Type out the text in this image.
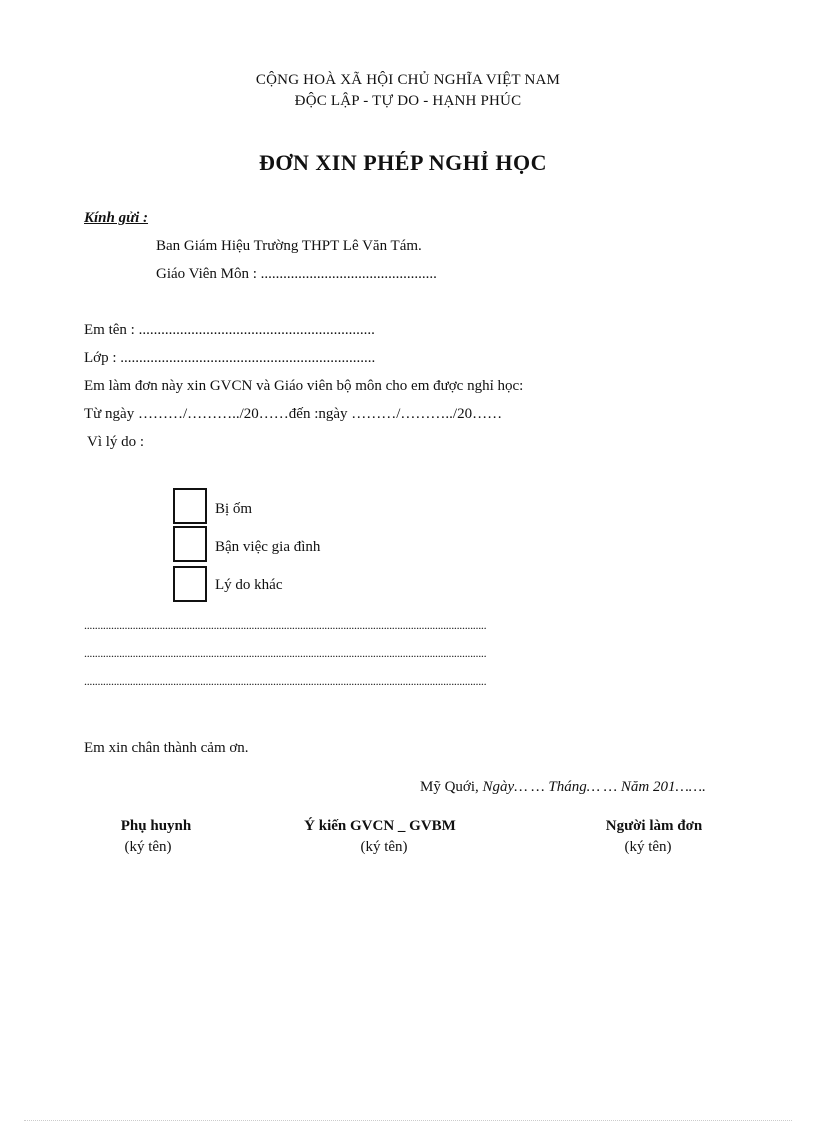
CỘNG HOÀ XÃ HỘI CHỦ NGHĨA VIỆT NAM
ĐỘC LẬP - TỰ DO - HẠNH PHÚC
ĐƠN XIN PHÉP NGHỈ HỌC
Kính gửi :
Ban Giám Hiệu Trường THPT Lê Văn Tám.
Giáo Viên Môn : ...............................................
Em tên : ...............................................................
Lớp : ....................................................................
Em làm đơn này xin GVCN và Giáo viên bộ môn cho em được nghỉ học:
Từ ngày ………/………../20……đến :ngày ………/………../20……
Vì lý do :
Bị ốm
Bận việc gia đình
Lý do khác
.....................................................................................................................................................
.....................................................................................................................................................
.....................................................................................................................................................
Em xin chân thành cảm ơn.
Mỹ Quới, Ngày… … Tháng… … Năm 201…….
Phụ huynh
(ký tên)
Ý kiến GVCN _ GVBM
(ký tên)
Người làm đơn
(ký tên)
